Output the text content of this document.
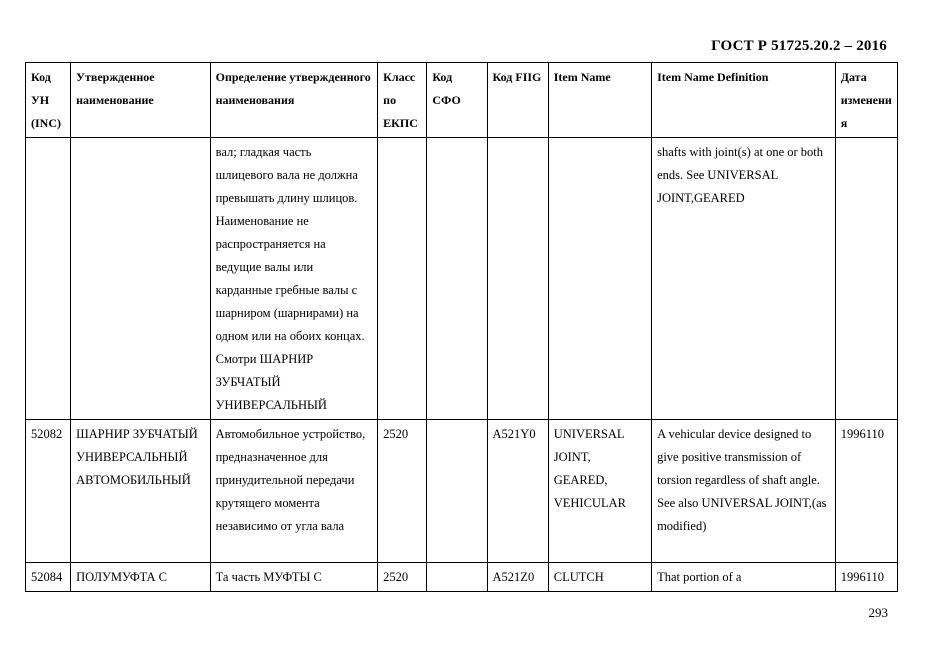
ГОСТ Р 51725.20.2 – 2016
Код УН (INC)	Утвержденное наименование	Определение утвержденного наименования	Класс по ЕКПС	Код СФО	Код FIIG	Item Name	Item Name Definition	Дата изменения
		вал; гладкая часть шлицевого вала не должна превышать длину шлицов. Наименование не распространяется на ведущие валы или карданные гребные валы с шарниром (шарнирами) на одном или на обоих концах. Смотри ШАРНИР ЗУБЧАТЫЙ УНИВЕРСАЛЬНЫЙ					shafts with joint(s) at one or both ends. See UNIVERSAL JOINT,GEARED	
52082	ШАРНИР ЗУБЧАТЫЙ УНИВЕРСАЛЬНЫЙ АВТОМОБИЛЬНЫЙ	Автомобильное устройство, предназначенное для принудительной передачи крутящего момента независимо от угла вала	2520		A521Y0	UNIVERSAL JOINT, GEARED, VEHICULAR	A vehicular device designed to give positive transmission of torsion regardless of shaft angle. See also UNIVERSAL JOINT,(as modified)	1996110
52084	ПОЛУМУФТА С	Та часть МУФТЫ С	2520		A521Z0	CLUTCH	That portion of a	1996110
293
